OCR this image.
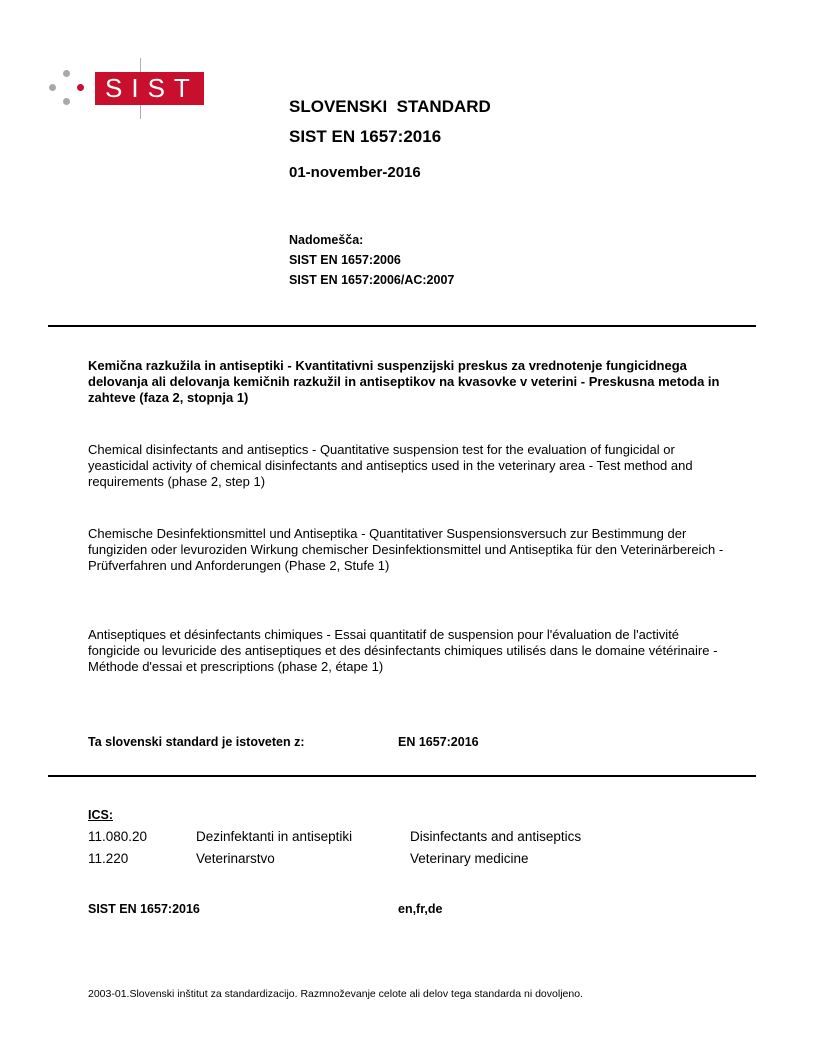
SIST
SLOVENSKI  STANDARD
SIST EN 1657:2016
01-november-2016
Nadomešča:
SIST EN 1657:2006
SIST EN 1657:2006/AC:2007
Kemična razkužila in antiseptiki - Kvantitativni suspenzijski preskus za vrednotenje fungicidnega delovanja ali delovanja kemičnih razkužil in antiseptikov na kvasovke v veterini - Preskusna metoda in zahteve (faza 2, stopnja 1)
Chemical disinfectants and antiseptics - Quantitative suspension test for the evaluation of fungicidal or yeasticidal activity of chemical disinfectants and antiseptics used in the veterinary area - Test method and requirements (phase 2, step 1)
Chemische Desinfektionsmittel und Antiseptika - Quantitativer Suspensionsversuch zur Bestimmung der fungiziden oder levuroziden Wirkung chemischer Desinfektionsmittel und Antiseptika für den Veterinärbereich - Prüfverfahren und Anforderungen (Phase 2, Stufe 1)
Antiseptiques et désinfectants chimiques - Essai quantitatif de suspension pour l'évaluation de l'activité fongicide ou levuricide des antiseptiques et des désinfectants chimiques utilisés dans le domaine vétérinaire - Méthode d'essai et prescriptions (phase 2, étape 1)
Ta slovenski standard je istoveten z:	EN 1657:2016
ICS:
11.080.20	Dezinfektanti in antiseptiki	Disinfectants and antiseptics
11.220	Veterinarstvo	Veterinary medicine
SIST EN 1657:2016	en,fr,de
2003-01.Slovenski inštitut za standardizacijo. Razmnoževanje celote ali delov tega standarda ni dovoljeno.
